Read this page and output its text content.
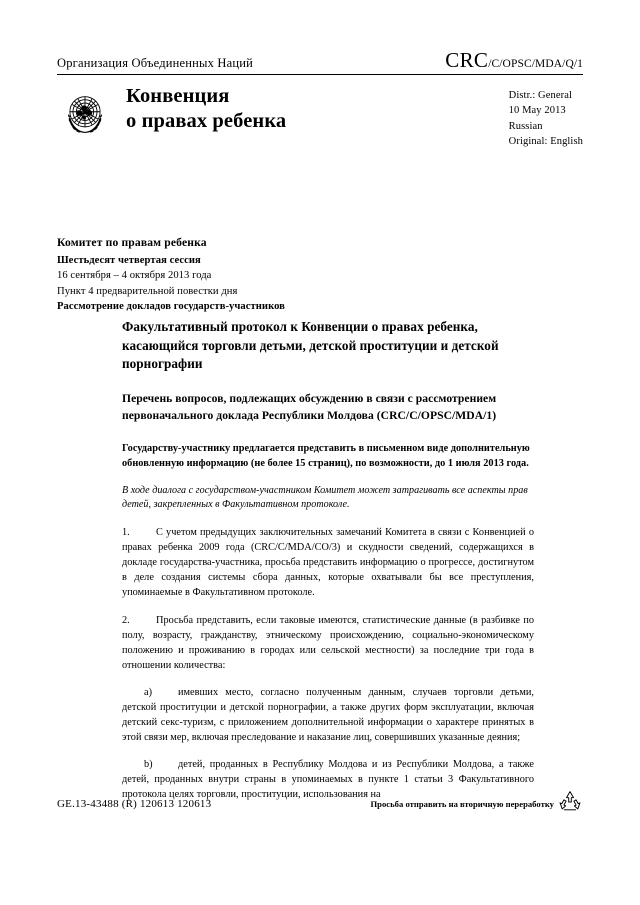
Организация Объединенных Наций	CRC/C/OPSC/MDA/Q/1
Конвенция
о правах ребенка
Distr.: General
10 May 2013
Russian
Original: English
Комитет по правам ребенка
Шестьдесят четвертая сессия
16 сентября – 4 октября 2013 года
Пункт 4 предварительной повестки дня
Рассмотрение докладов государств-участников
Факультативный протокол к Конвенции о правах ребенка, касающийся торговли детьми, детской проституции и детской порнографии
Перечень вопросов, подлежащих обсуждению в связи с рассмотрением первоначального доклада Республики Молдова (CRC/C/OPSC/MDA/1)
Государству-участнику предлагается представить в письменном виде дополнительную обновленную информацию (не более 15 страниц), по возможности, до 1 июля 2013 года.
В ходе диалога с государством-участником Комитет может затрагивать все аспекты прав детей, закрепленных в Факультативном протоколе.
1.	С учетом предыдущих заключительных замечаний Комитета в связи с Конвенцией о правах ребенка 2009 года (CRC/C/MDA/CO/3) и скудности сведений, содержащихся в докладе государства-участника, просьба представить информацию о прогрессе, достигнутом в деле создания системы сбора данных, которые охватывали бы все преступления, упоминаемые в Факультативном протоколе.
2.	Просьба представить, если таковые имеются, статистические данные (в разбивке по полу, возрасту, гражданству, этническому происхождению, социально-экономическому положению и проживанию в городах или сельской местности) за последние три года в отношении количества:
a)	имевших место, согласно полученным данным, случаев торговли детьми, детской проституции и детской порнографии, а также других форм эксплуатации, включая детский секс-туризм, с приложением дополнительной информации о характере принятых в этой связи мер, включая преследование и наказание лиц, совершивших указанные деяния;
b) детей, проданных в Республику Молдова и из Республики Молдова, а также детей, проданных внутри страны в упоминаемых в пункте 1 статьи 3 Факультативного протокола целях торговли, проституции, использования на
GE.13-43488 (R) 120613 120613	Просьба отправить на вторичную переработку
